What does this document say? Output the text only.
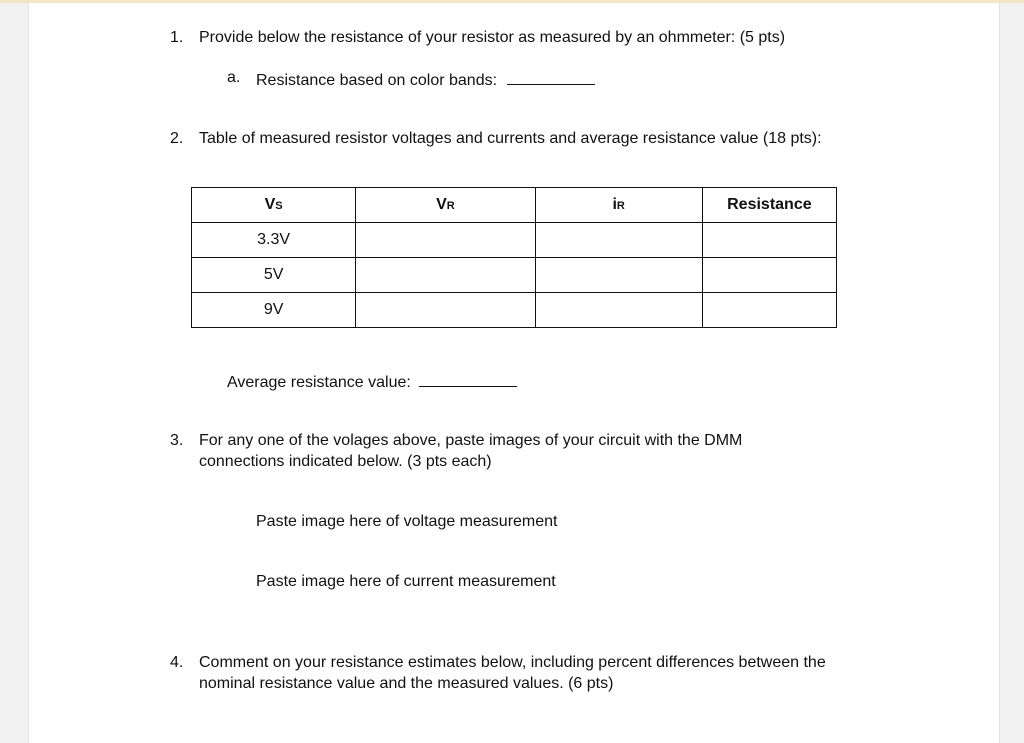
1. Provide below the resistance of your resistor as measured by an ohmmeter: (5 pts)
a. Resistance based on color bands:
2. Table of measured resistor voltages and currents and average resistance value (18 pts):
VS	VR	iR	Resistance
3.3V			
5V			
9V			
Average resistance value:
3. For any one of the volages above, paste images of your circuit with the DMM
connections indicated below. (3 pts each)
Paste image here of voltage measurement
Paste image here of current measurement
4. Comment on your resistance estimates below, including percent differences between the
nominal resistance value and the measured values. (6 pts)
